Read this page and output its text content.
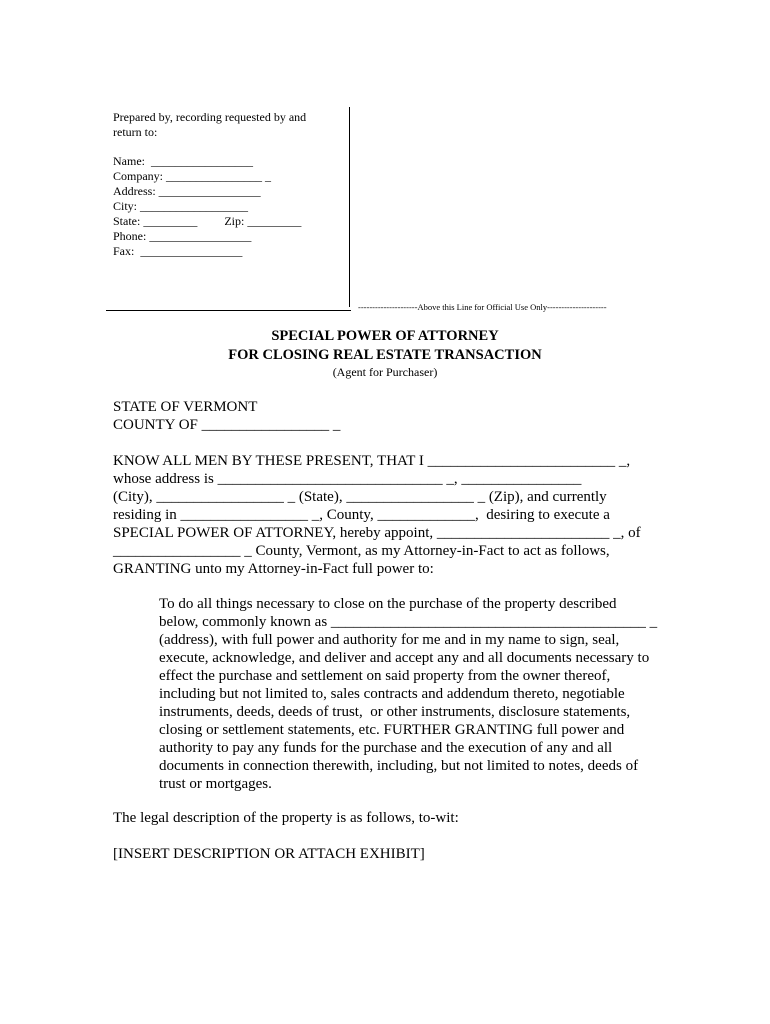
Prepared by, recording requested by and
return to:
Name:  _________________
Company: ________________ _
Address: _________________
City: __________________
State: _________         Zip: _________
Phone: _________________
Fax:  _________________
---------------------Above this Line for Official Use Only---------------------
SPECIAL POWER OF ATTORNEY
FOR CLOSING REAL ESTATE TRANSACTION
(Agent for Purchaser)
STATE OF VERMONT
COUNTY OF _________________ _
KNOW ALL MEN BY THESE PRESENT, THAT I _________________________ _,
whose address is ______________________________ _, ________________
(City), _________________ _ (State), _________________ _ (Zip), and currently
residing in _________________ _, County, _____________,  desiring to execute a
SPECIAL POWER OF ATTORNEY, hereby appoint, _______________________ _, of
_________________ _ County, Vermont, as my Attorney-in-Fact to act as follows,
GRANTING unto my Attorney-in-Fact full power to:
To do all things necessary to close on the purchase of the property described
below, commonly known as __________________________________________ _
(address), with full power and authority for me and in my name to sign, seal,
execute, acknowledge, and deliver and accept any and all documents necessary to
effect the purchase and settlement on said property from the owner thereof,
including but not limited to, sales contracts and addendum thereto, negotiable
instruments, deeds, deeds of trust,  or other instruments, disclosure statements,
closing or settlement statements, etc. FURTHER GRANTING full power and
authority to pay any funds for the purchase and the execution of any and all
documents in connection therewith, including, but not limited to notes, deeds of
trust or mortgages.
The legal description of the property is as follows, to-wit:
[INSERT DESCRIPTION OR ATTACH EXHIBIT]
